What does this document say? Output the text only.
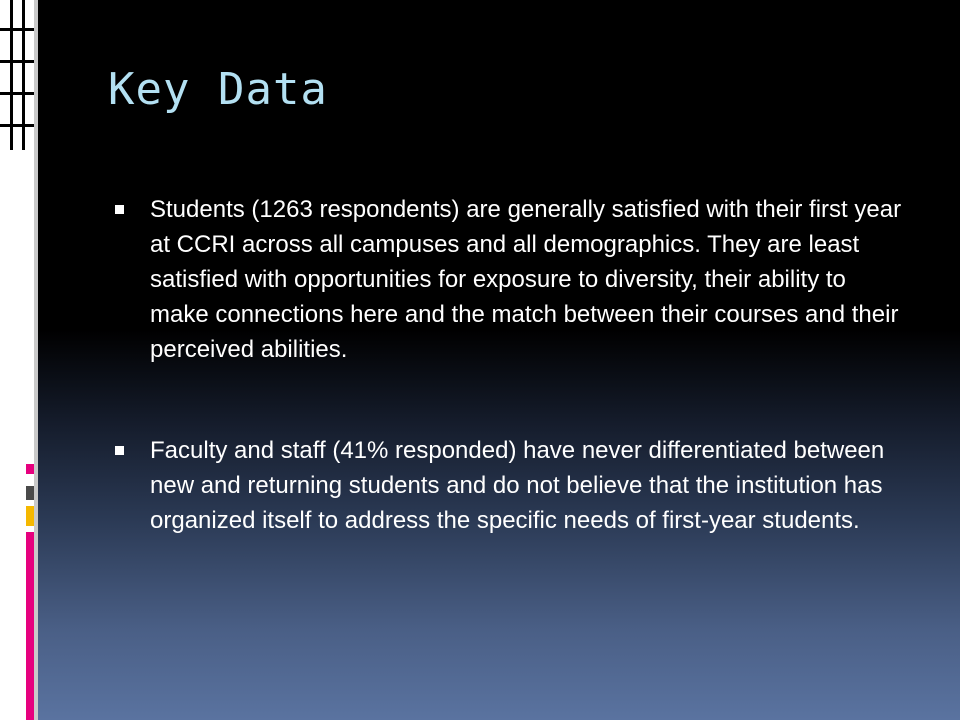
Key Data
Students (1263 respondents) are generally satisfied with their first year at CCRI across all campuses and all demographics. They are least satisfied with opportunities for exposure to diversity, their ability to make connections here and the match between their courses and their perceived abilities.
Faculty and staff (41% responded) have never differentiated between new and returning students and do not believe that the institution has organized itself to address the specific needs of first-year students.
